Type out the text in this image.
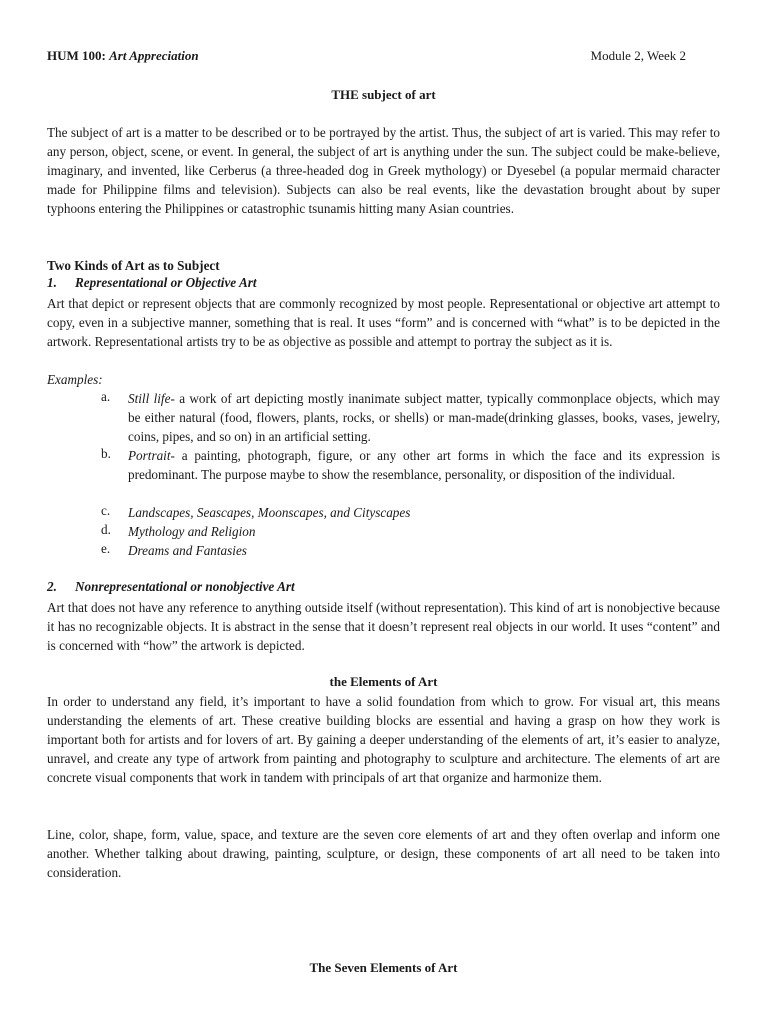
HUM 100: Art Appreciation	Module 2, Week 2
THE subject of art
The subject of art is a matter to be described or to be portrayed by the artist. Thus, the subject of art is varied. This may refer to any person, object, scene, or event. In general, the subject of art is anything under the sun. The subject could be make-believe, imaginary, and invented, like Cerberus (a three-headed dog in Greek mythology) or Dyesebel (a popular mermaid character made for Philippine films and television). Subjects can also be real events, like the devastation brought about by super typhoons entering the Philippines or catastrophic tsunamis hitting many Asian countries.
Two Kinds of Art as to Subject
1. Representational or Objective Art
Art that depict or represent objects that are commonly recognized by most people. Representational or objective art attempt to copy, even in a subjective manner, something that is real. It uses “form” and is concerned with “what” is to be depicted in the artwork. Representational artists try to be as objective as possible and attempt to portray the subject as it is.
Examples:
a.	Still life- a work of art depicting mostly inanimate subject matter, typically commonplace objects, which may be either natural (food, flowers, plants, rocks, or shells) or man-made(drinking glasses, books, vases, jewelry, coins, pipes, and so on) in an artificial setting.
b.	Portrait- a painting, photograph, figure, or any other art forms in which the face and its expression is predominant. The purpose maybe to show the resemblance, personality, or disposition of the individual.
c.	Landscapes, Seascapes, Moonscapes, and Cityscapes
d.	Mythology and Religion
e.	Dreams and Fantasies
2. Nonrepresentational or nonobjective Art
Art that does not have any reference to anything outside itself (without representation). This kind of art is nonobjective because it has no recognizable objects. It is abstract in the sense that it doesn’t represent real objects in our world. It uses “content” and is concerned with “how” the artwork is depicted.
the Elements of Art
In order to understand any field, it’s important to have a solid foundation from which to grow. For visual art, this means understanding the elements of art. These creative building blocks are essential and having a grasp on how they work is important both for artists and for lovers of art. By gaining a deeper understanding of the elements of art, it’s easier to analyze, unravel, and create any type of artwork from painting and photography to sculpture and architecture. The elements of art are concrete visual components that work in tandem with principals of art that organize and harmonize them.
Line, color, shape, form, value, space, and texture are the seven core elements of art and they often overlap and inform one another. Whether talking about drawing, painting, sculpture, or design, these components of art all need to be taken into consideration.
The Seven Elements of Art
